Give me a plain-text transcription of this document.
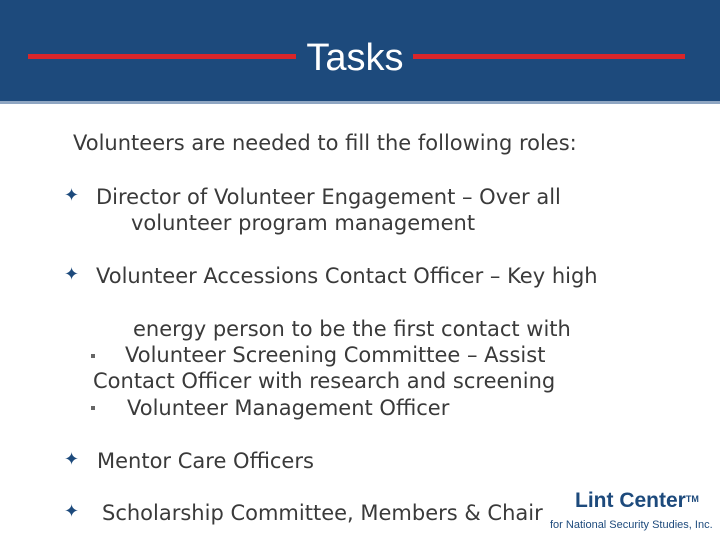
Tasks
Volunteers are needed to fill the following roles:
✦ Director of Volunteer Engagement – Over all
volunteer program management
✦ Volunteer Accessions Contact Officer – Key high
energy person to be the first contact with
Volunteer Screening Committee – Assist
Contact Officer with research and screening
Volunteer Management Officer
✦ Mentor Care Officers
✦ Scholarship Committee, Members & Chair
Lint Center™
for National Security Studies, Inc.
